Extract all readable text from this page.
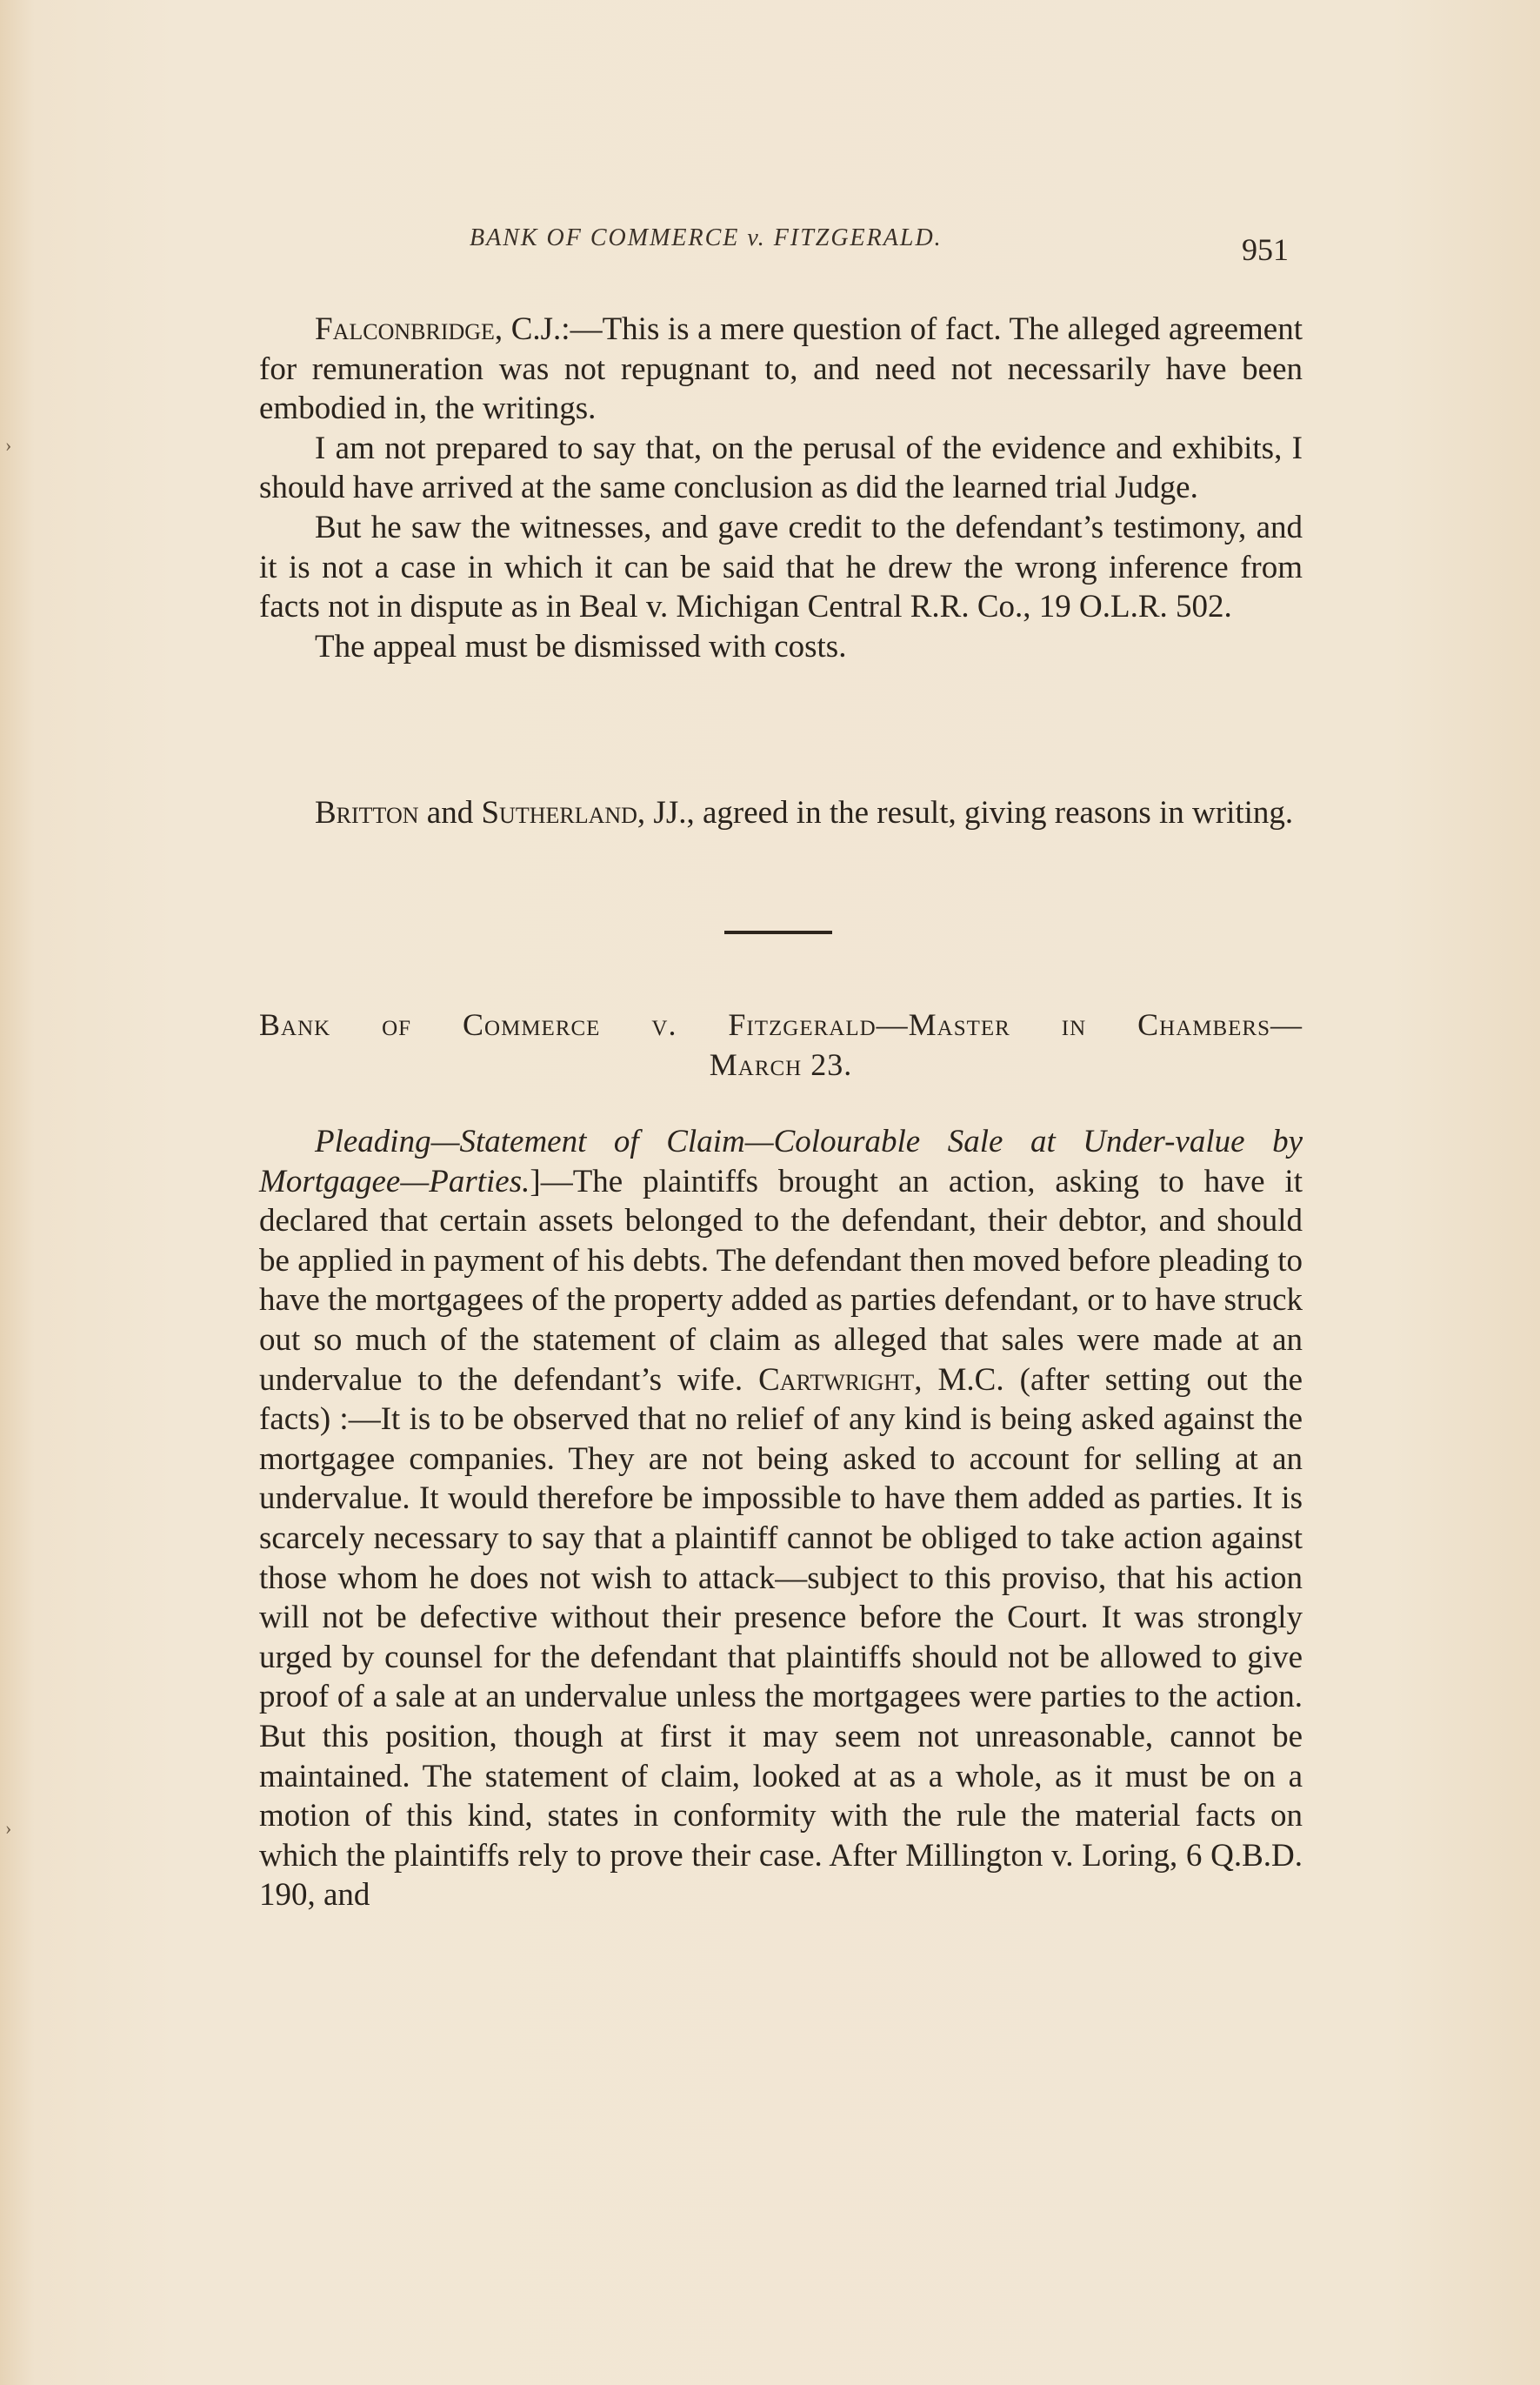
›
›
BANK OF COMMERCE v. FITZGERALD.	951

Falconbridge, C.J.:—This is a mere question of fact. The alleged agreement for remuneration was not repugnant to, and need not necessarily have been embodied in, the writings.

I am not prepared to say that, on the perusal of the evidence and exhibits, I should have arrived at the same conclusion as did the learned trial Judge.

But he saw the witnesses, and gave credit to the defendant’s testimony, and it is not a case in which it can be said that he drew the wrong inference from facts not in dispute as in Beal v. Michigan Central R.R. Co., 19 O.L.R. 502.

The appeal must be dismissed with costs.

Britton and Sutherland, JJ., agreed in the result, giving reasons in writing.

Bank of Commerce v. Fitzgerald—Master in Chambers—
March 23.

Pleading—Statement of Claim—Colourable Sale at Under-value by Mortgagee—Parties.]—The plaintiffs brought an action, asking to have it declared that certain assets belonged to the defendant, their debtor, and should be applied in payment of his debts. The defendant then moved before pleading to have the mortgagees of the property added as parties defendant, or to have struck out so much of the statement of claim as alleged that sales were made at an undervalue to the defendant’s wife. Cartwright, M.C. (after setting out the facts) :—It is to be observed that no relief of any kind is being asked against the mortgagee companies. They are not being asked to account for selling at an undervalue. It would therefore be impossible to have them added as parties. It is scarcely necessary to say that a plaintiff cannot be obliged to take action against those whom he does not wish to attack—subject to this proviso, that his action will not be defective without their presence before the Court. It was strongly urged by counsel for the defendant that plaintiffs should not be allowed to give proof of a sale at an undervalue unless the mortgagees were parties to the action. But this position, though at first it may seem not unreasonable, cannot be maintained. The statement of claim, looked at as a whole, as it must be on a motion of this kind, states in conformity with the rule the material facts on which the plaintiffs rely to prove their case. After Millington v. Loring, 6 Q.B.D. 190, and
